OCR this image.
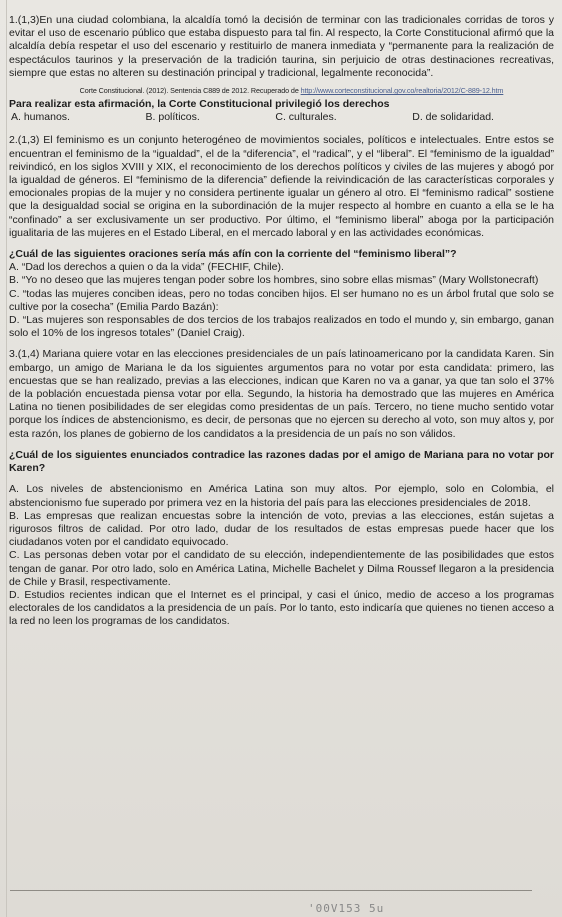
1.(1,3)En una ciudad colombiana, la alcaldía tomó la decisión de terminar con las tradicionales corridas de toros y evitar el uso de escenario público que estaba dispuesto para tal fin. Al respecto, la Corte Constitucional afirmó que la alcaldía debía respetar el uso del escenario y restituirlo de manera inmediata y “permanente para la realización de espectáculos taurinos y la preservación de la tradición taurina, sin perjuicio de otras destinaciones recreativas, siempre que estas no alteren su destinación principal y tradicional, legalmente reconocida”.

Corte Constitucional. (2012). Sentencia C889 de 2012. Recuperado de http://www.corteconstitucional.gov.co/realtoria/2012/C-889-12.htm

Para realizar esta afirmación, la Corte Constitucional privilegió los derechos

A. humanos.	B. políticos.	C. culturales.	D. de solidaridad.

2.(1,3) El feminismo es un conjunto heterogéneo de movimientos sociales, políticos e intelectuales. Entre estos se encuentran el feminismo de la “igualdad”, el de la “diferencia”, el “radical”, y el “liberal”. El “feminismo de la igualdad” reivindicó, en los siglos XVIII y XIX, el reconocimiento de los derechos políticos y civiles de las mujeres y abogó por la igualdad de géneros. El “feminismo de la diferencia” defiende la reivindicación de las características corporales y emocionales propias de la mujer y no considera pertinente igualar un género al otro. El “feminismo radical” sostiene que la desigualdad social se origina en la subordinación de la mujer respecto al hombre en cuanto a ella se le ha “confinado” a ser exclusivamente un ser productivo. Por último, el “feminismo liberal” aboga por la participación igualitaria de las mujeres en el Estado Liberal, en el mercado laboral y en las actividades económicas.

¿Cuál de las siguientes oraciones sería más afín con la corriente del “feminismo liberal”?

A. “Dad los derechos a quien o da la vida” (FECHIF, Chile).

B. “Yo no deseo que las mujeres tengan poder sobre los hombres, sino sobre ellas mismas” (Mary Wollstonecraft)

C. “todas las mujeres conciben ideas, pero no todas conciben hijos. El ser humano no es un árbol frutal que solo se cultive por la cosecha” (Emilia Pardo Bazán):

D. “Las mujeres son responsables de dos tercios de los trabajos realizados en todo el mundo y, sin embargo, ganan solo el 10% de los ingresos totales” (Daniel Craig).

3.(1,4) Mariana quiere votar en las elecciones presidenciales de un país latinoamericano por la candidata Karen. Sin embargo, un amigo de Mariana le da los siguientes argumentos para no votar por esta candidata: primero, las encuestas que se han realizado, previas a las elecciones, indican que Karen no va a ganar, ya que tan solo el 37% de la población encuestada piensa votar por ella. Segundo, la historia ha demostrado que las mujeres en América Latina no tienen posibilidades de ser elegidas como presidentas de un país. Tercero, no tiene mucho sentido votar porque los índices de abstencionismo, es decir, de personas que no ejercen su derecho al voto, son muy altos y, por esta razón, los planes de gobierno de los candidatos a la presidencia de un país no son válidos.

¿Cuál de los siguientes enunciados contradice las razones dadas por el amigo de Mariana para no votar por Karen?

A. Los niveles de abstencionismo en América Latina son muy altos. Por ejemplo, solo en Colombia, el abstencionismo fue superado por primera vez en la historia del país para las elecciones presidenciales de 2018.

B. Las empresas que realizan encuestas sobre la intención de voto, previas a las elecciones, están sujetas a rigurosos filtros de calidad. Por otro lado, dudar de los resultados de estas empresas puede hacer que los ciudadanos voten por el candidato equivocado.

C. Las personas deben votar por el candidato de su elección, independientemente de las posibilidades que estos tengan de ganar. Por otro lado, solo en América Latina, Michelle Bachelet y Dilma Roussef llegaron a la presidencia de Chile y Brasil, respectivamente.

D. Estudios recientes indican que el Internet es el principal, y casi el único, medio de acceso a los programas electorales de los candidatos a la presidencia de un país. Por lo tanto, esto indicaría que quienes no tienen acceso a la red no leen los programas de los candidatos.

'00V153 5u
